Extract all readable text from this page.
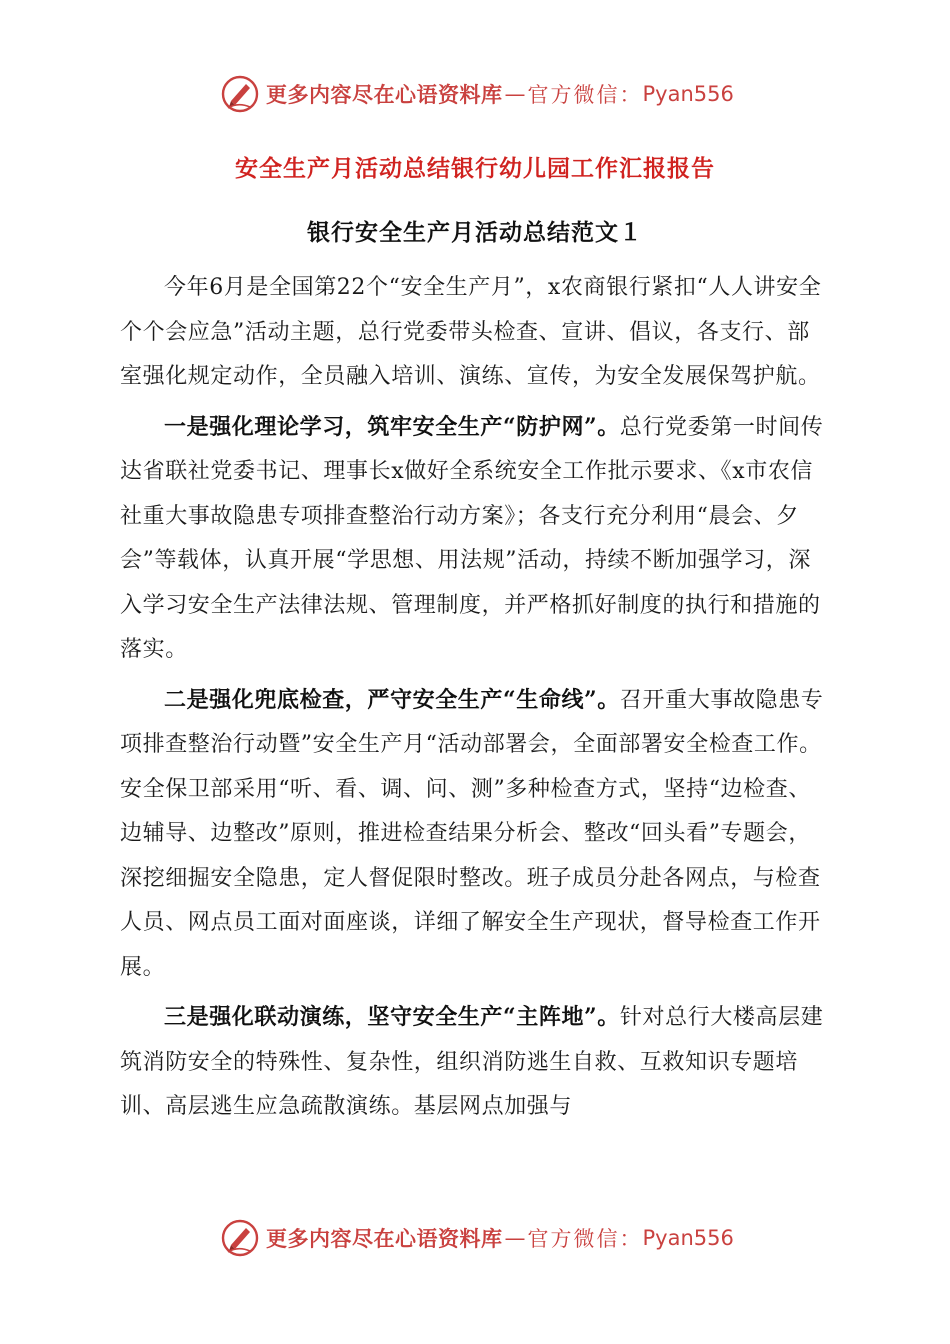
更多内容尽在心语资料库 — 官方微信： Pyan556
安全生产月活动总结银行幼儿园工作汇报报告
银行安全生产月活动总结范文１

今年6月是全国第22个“安全生产月”，x农商银行紧扣“人人讲安全 个个会应急”活动主题，总行党委带头检查、宣讲、倡议，各支行、部室强化规定动作，全员融入培训、演练、宣传，为安全发展保驾护航。

一是强化理论学习，筑牢安全生产“防护网”。总行党委第一时间传达省联社党委书记、理事长x做好全系统安全工作批示要求、《x市农信社重大事故隐患专项排查整治行动方案》；各支行充分利用“晨会、夕会”等载体，认真开展“学思想、用法规”活动，持续不断加强学习，深入学习安全生产法律法规、管理制度，并严格抓好制度的执行和措施的落实。

二是强化兜底检查，严守安全生产“生命线”。召开重大事故隐患专项排查整治行动暨”安全生产月“活动部署会，全面部署安全检查工作。安全保卫部采用“听、看、调、问、测”多种检查方式，坚持“边检查、边辅导、边整改”原则，推进检查结果分析会、整改“回头看”专题会，深挖细掘安全隐患，定人督促限时整改。班子成员分赴各网点，与检查人员、网点员工面对面座谈，详细了解安全生产现状，督导检查工作开展。

三是强化联动演练，坚守安全生产“主阵地”。针对总行大楼高层建筑消防安全的特殊性、复杂性，组织消防逃生自救、互救知识专题培训、高层逃生应急疏散演练。基层网点加强与

更多内容尽在心语资料库 — 官方微信： Pyan556
